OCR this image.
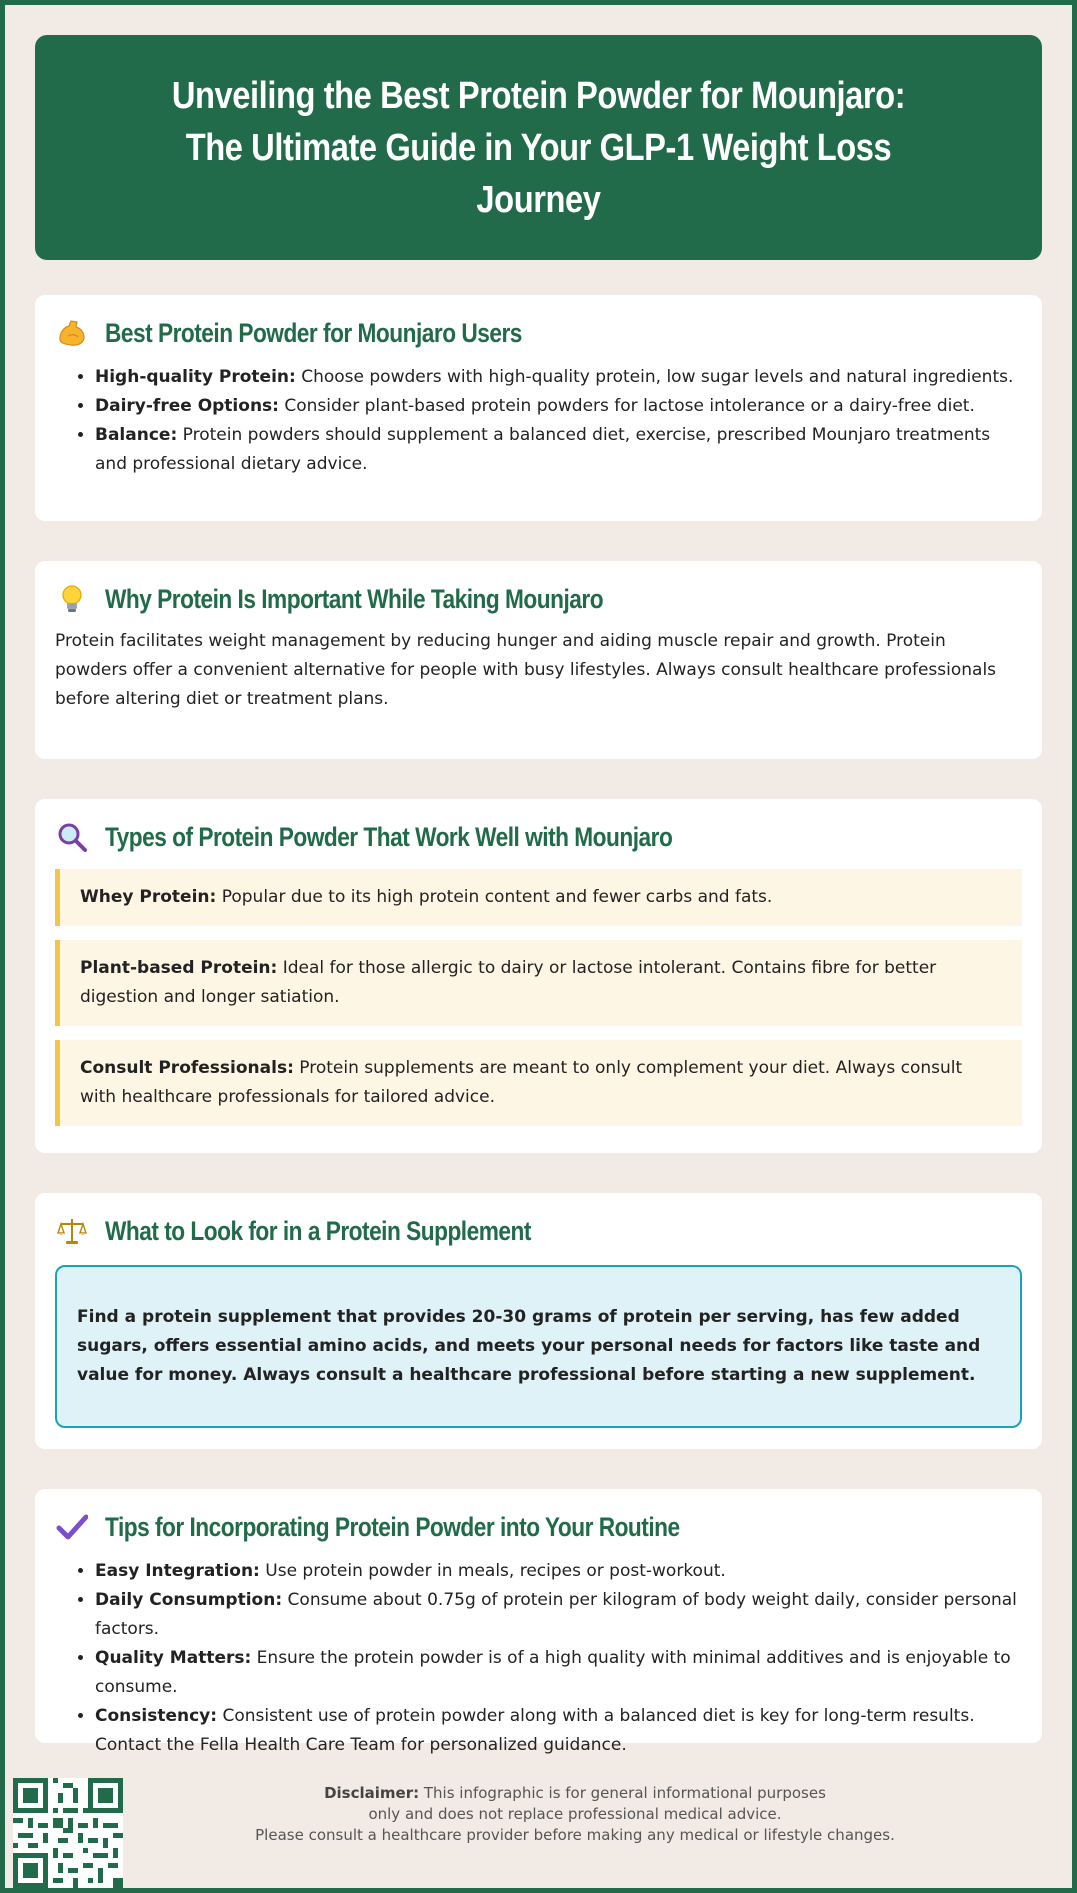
Unveiling the Best Protein Powder for Mounjaro: The Ultimate Guide in Your GLP-1 Weight Loss Journey
Best Protein Powder for Mounjaro Users
• High-quality Protein: Choose powders with high-quality protein, low sugar levels and natural ingredients.
• Dairy-free Options: Consider plant-based protein powders for lactose intolerance or a dairy-free diet.
• Balance: Protein powders should supplement a balanced diet, exercise, prescribed Mounjaro treatments and professional dietary advice.
Why Protein Is Important While Taking Mounjaro

Protein facilitates weight management by reducing hunger and aiding muscle repair and growth. Protein powders offer a convenient alternative for people with busy lifestyles. Always consult healthcare professionals before altering diet or treatment plans.

Types of Protein Powder That Work Well with Mounjaro
Whey Protein: Popular due to its high protein content and fewer carbs and fats.
Plant-based Protein: Ideal for those allergic to dairy or lactose intolerant. Contains fibre for better digestion and longer satiation.
Consult Professionals: Protein supplements are meant to only complement your diet. Always consult with healthcare professionals for tailored advice.
What to Look for in a Protein Supplement
Find a protein supplement that provides 20-30 grams of protein per serving, has few added sugars, offers essential amino acids, and meets your personal needs for factors like taste and value for money. Always consult a healthcare professional before starting a new supplement.
Tips for Incorporating Protein Powder into Your Routine
• Easy Integration: Use protein powder in meals, recipes or post-workout.
• Daily Consumption: Consume about 0.75g of protein per kilogram of body weight daily, consider personal factors.
• Quality Matters: Ensure the protein powder is of a high quality with minimal additives and is enjoyable to consume.
• Consistency: Consistent use of protein powder along with a balanced diet is key for long-term results. Contact the Fella Health Care Team for personalized guidance.
Disclaimer: This infographic is for general informational purposes
only and does not replace professional medical advice.
Please consult a healthcare provider before making any medical or lifestyle changes.
